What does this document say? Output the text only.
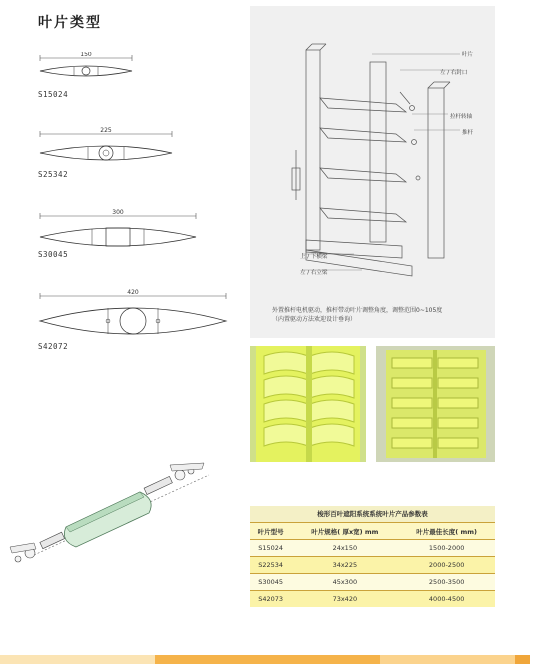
叶片类型
150
S15024
225
S25342
300
S30045
420
S42072
叶片
左 / 右封口
拉杆转轴
推杆
上 / 下横梁
左 / 右立梁
外置推杆电机驱动，推杆带动叶片调整角度，调整范围0~105度
（内置驱动方法欢迎设计垂询）
梭形百叶遮阳系统系统叶片产品参数表
叶片型号	叶片规格( 厚x宽) mm	叶片最佳长度( mm)
S15024	24x150	1500-2000
S22534	34x225	2000-2500
S30045	45x300	2500-3500
S42073	73x420	4000-4500
